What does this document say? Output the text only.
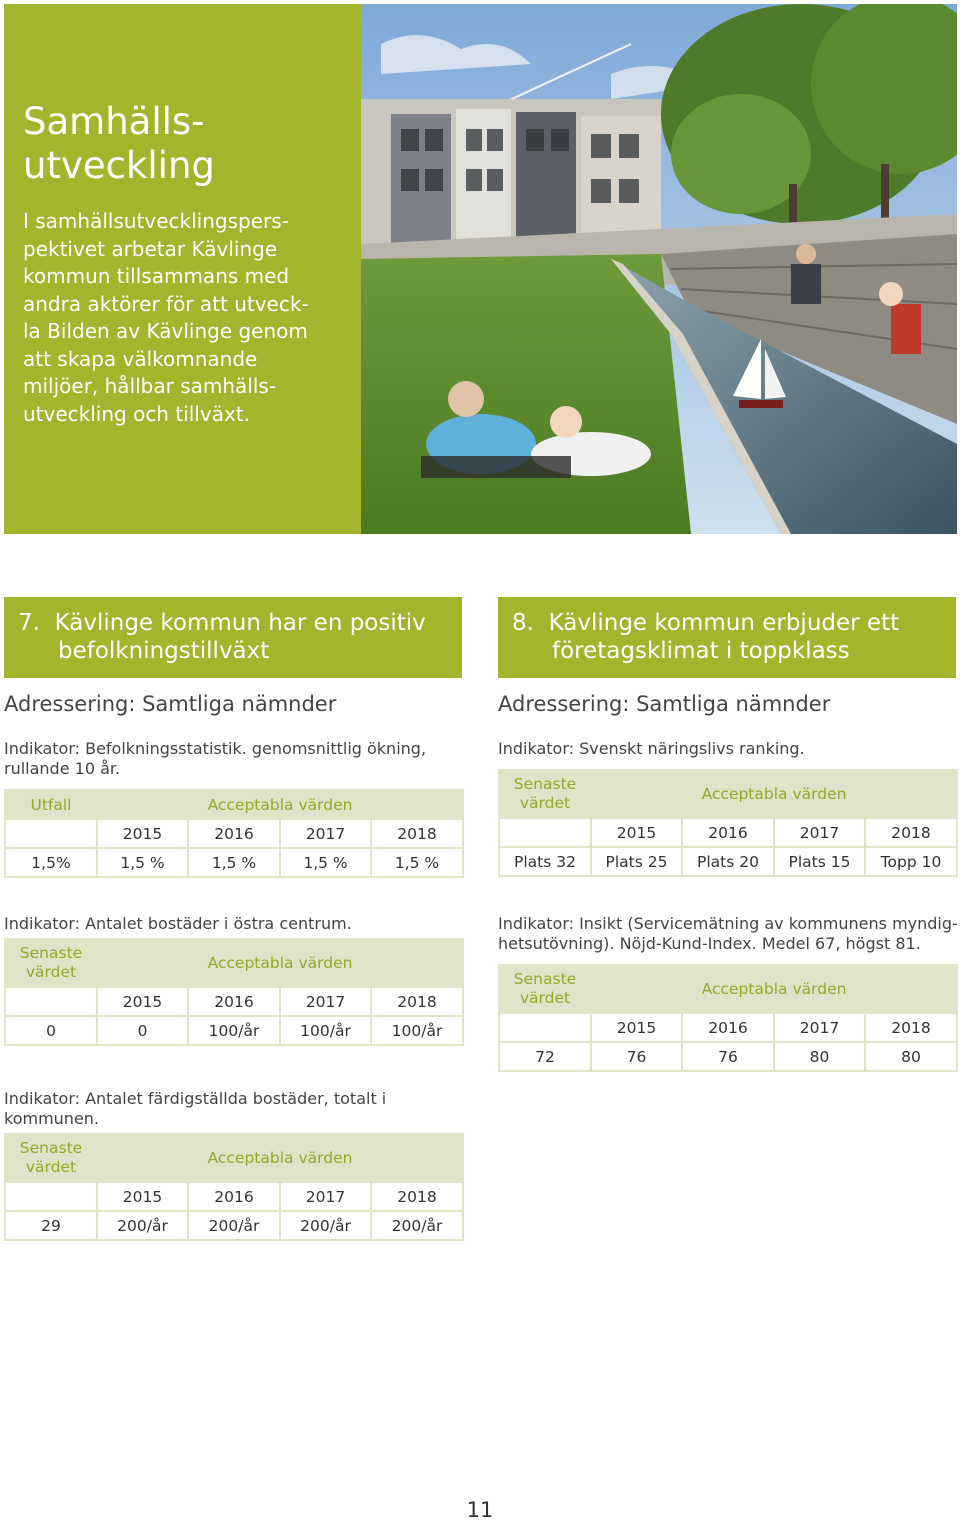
Samhälls-
utveckling

I samhällsutvecklingspers-
pektivet arbetar Kävlinge
kommun tillsammans med
andra aktörer för att utveck-
la Bilden av Kävlinge genom
att skapa välkomnande
miljöer, hållbar samhälls-
utveckling och tillväxt.

7. Kävlinge kommun har en positiv
befolkningstillväxt
Adressering: Samtliga nämnder
Indikator: Befolkningsstatistik. genomsnittlig ökning,
rullande 10 år.
Utfall	Acceptabla värden			
	2015	2016	2017	2018
1,5%	1,5 %	1,5 %	1,5 %	1,5 %
8. Kävlinge kommun erbjuder ett
företagsklimat i toppklass
Adressering: Samtliga nämnder
Indikator: Svenskt näringslivs ranking.
Senaste
värdet	Acceptabla värden			
	2015	2016	2017	2018
Plats 32	Plats 25	Plats 20	Plats 15	Topp 10
Indikator: Antalet bostäder i östra centrum.
Senaste
värdet	Acceptabla värden			
	2015	2016	2017	2018
0	0	100/år	100/år	100/år
Indikator: Insikt (Servicemätning av kommunens myndig-
hetsutövning). Nöjd-Kund-Index. Medel 67, högst 81.
Senaste
värdet	Acceptabla värden			
	2015	2016	2017	2018
72	76	76	80	80
Indikator: Antalet färdigställda bostäder, totalt i
kommunen.
Senaste
värdet	Acceptabla värden			
	2015	2016	2017	2018
29	200/år	200/år	200/år	200/år
11
